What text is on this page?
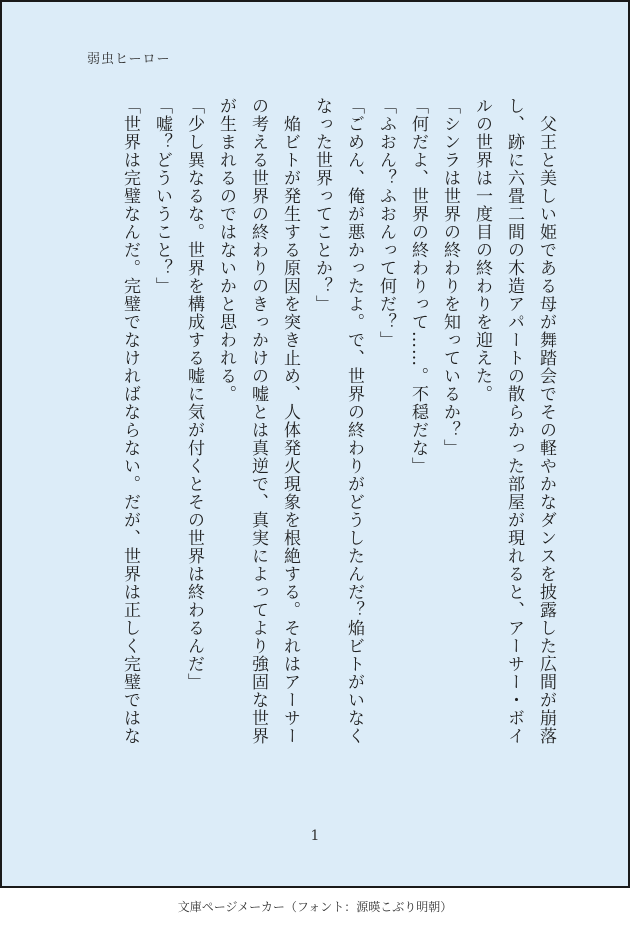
弱虫ヒーロー
　父王と美しい姫である母が舞踏会でその軽やかなダンスを披露した広間が崩落
し、跡に六畳二間の木造アパートの散らかった部屋が現れると、アーサー・ボイ
ルの世界は一度目の終わりを迎えた。
「シンラは世界の終わりを知っているか？」
「何だよ、世界の終わりって……。不穏だな」
「ふおん？ふおんって何だ？」
「ごめん、俺が悪かったよ。で、世界の終わりがどうしたんだ？焔ビトがいなく
なった世界ってことか？」
　焔ビトが発生する原因を突き止め、人体発火現象を根絶する。それはアーサー
の考える世界の終わりのきっかけの嘘とは真逆で、真実によってより強固な世界
が生まれるのではないかと思われる。
「少し異なるな。世界を構成する嘘に気が付くとその世界は終わるんだ」
「嘘？どういうこと？」
「世界は完璧なんだ。完璧でなければならない。だが、世界は正しく完璧ではな
1
文庫ページメーカー（フォント：源暎こぶり明朝）
